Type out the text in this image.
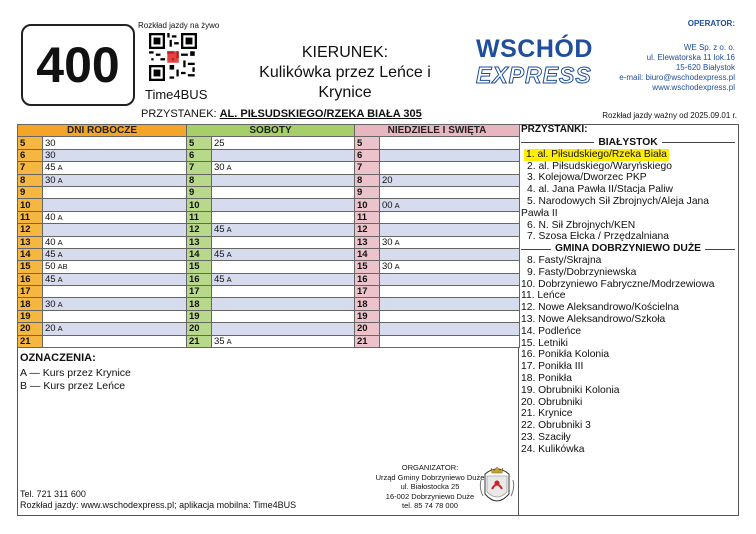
400
Rozkład jazdy na żywo
Time4BUS
KIERUNEK:
Kulikówka przez Leńce i Krynice
WSCHÓD
EXPRESS
OPERATOR:
WE Sp. z o. o.
ul. Elewatorska 11 lok.16
15-620 Białystok
e-mail: biuro@wschodexpress.pl
www.wschodexpress.pl
PRZYSTANEK: AL. PIŁSUDSKIEGO/RZEKA BIAŁA 305	Rozkład jazdy ważny od 2025.09.01 r.
DNI ROBOCZE	
5	30
6	30
7	45 A
8	30 A
9	
10	
11	40 A
12	
13	40 A
14	45 A
15	50 AB
16	45 A
17	
18	30 A
19	
20	20 A
21	
SOBOTY	
5	25
6	
7	30 A
8	
9	
10	
11	
12	45 A
13	
14	45 A
15	
16	45 A
17	
18	
19	
20	
21	35 A
NIEDZIELE I ŚWIĘTA	
5	
6	
7	
8	20
9	
10	00 A
11	
12	
13	30 A
14	
15	30 A
16	
17	
18	
19	
20	
21	
PRZYSTANKI:
BIAŁYSTOK
1. al. Piłsudskiego/Rzeka Biała
2. al. Piłsudskiego/Waryńskiego
3. Kolejowa/Dworzec PKP
4. al. Jana Pawła II/Stacja Paliw
5. Narodowych Sił Zbrojnych/Aleja Jana Pawła II
6. N. Sił Zbrojnych/KEN
7. Szosa Ełcka / Przędzalniana
GMINA DOBRZYNIEWO DUŻE
8. Fasty/Skrajna
9. Fasty/Dobrzyniewska
10. Dobrzyniewo Fabryczne/Modrzewiowa
11. Leńce
12. Nowe Aleksandrowo/Kościelna
13. Nowe Aleksandrowo/Szkoła
14. Podleńce
15. Letniki
16. Ponikła Kolonia
17. Ponikła III
18. Ponikła
19. Obrubniki Kolonia
20. Obrubniki
21. Krynice
22. Obrubniki 3
23. Szaciły
24. Kulikówka
OZNACZENIA:
A — Kurs przez Krynice
B — Kurs przez Leńce
ORGANIZATOR:
Urząd Gminy Dobrzyniewo Duże
ul. Białostocka 25
16-002 Dobrzyniewo Duże
tel. 85 74 78 000
Tel. 721 311 600
Rozkład jazdy: www.wschodexpress.pl; aplikacja mobilna: Time4BUS
